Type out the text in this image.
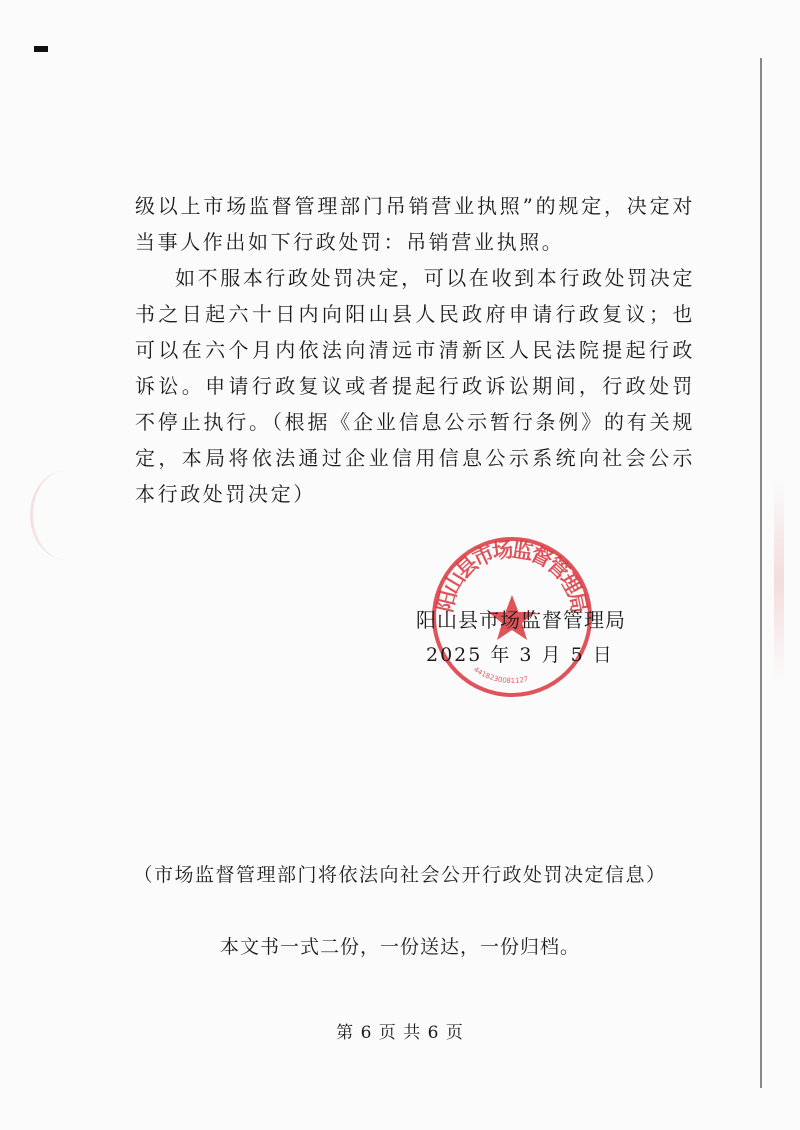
级以上市场监督管理部门吊销营业执照”的规定，决定对当事人作出如下行政处罚：吊销营业执照。

如不服本行政处罚决定，可以在收到本行政处罚决定书之日起六十日内向阳山县人民政府申请行政复议；也可以在六个月内依法向清远市清新区人民法院提起行政诉讼。申请行政复议或者提起行政诉讼期间，行政处罚不停止执行。（根据《企业信息公示暂行条例》的有关规定，本局将依法通过企业信用信息公示系统向社会公示本行政处罚决定）

阳山县市场监督管理局
4418230081127
阳山县市场监督管理局
2025 年 3 月 5 日
（市场监督管理部门将依法向社会公开行政处罚决定信息）
本文书一式二份，一份送达，一份归档。
第 6 页 共 6 页
